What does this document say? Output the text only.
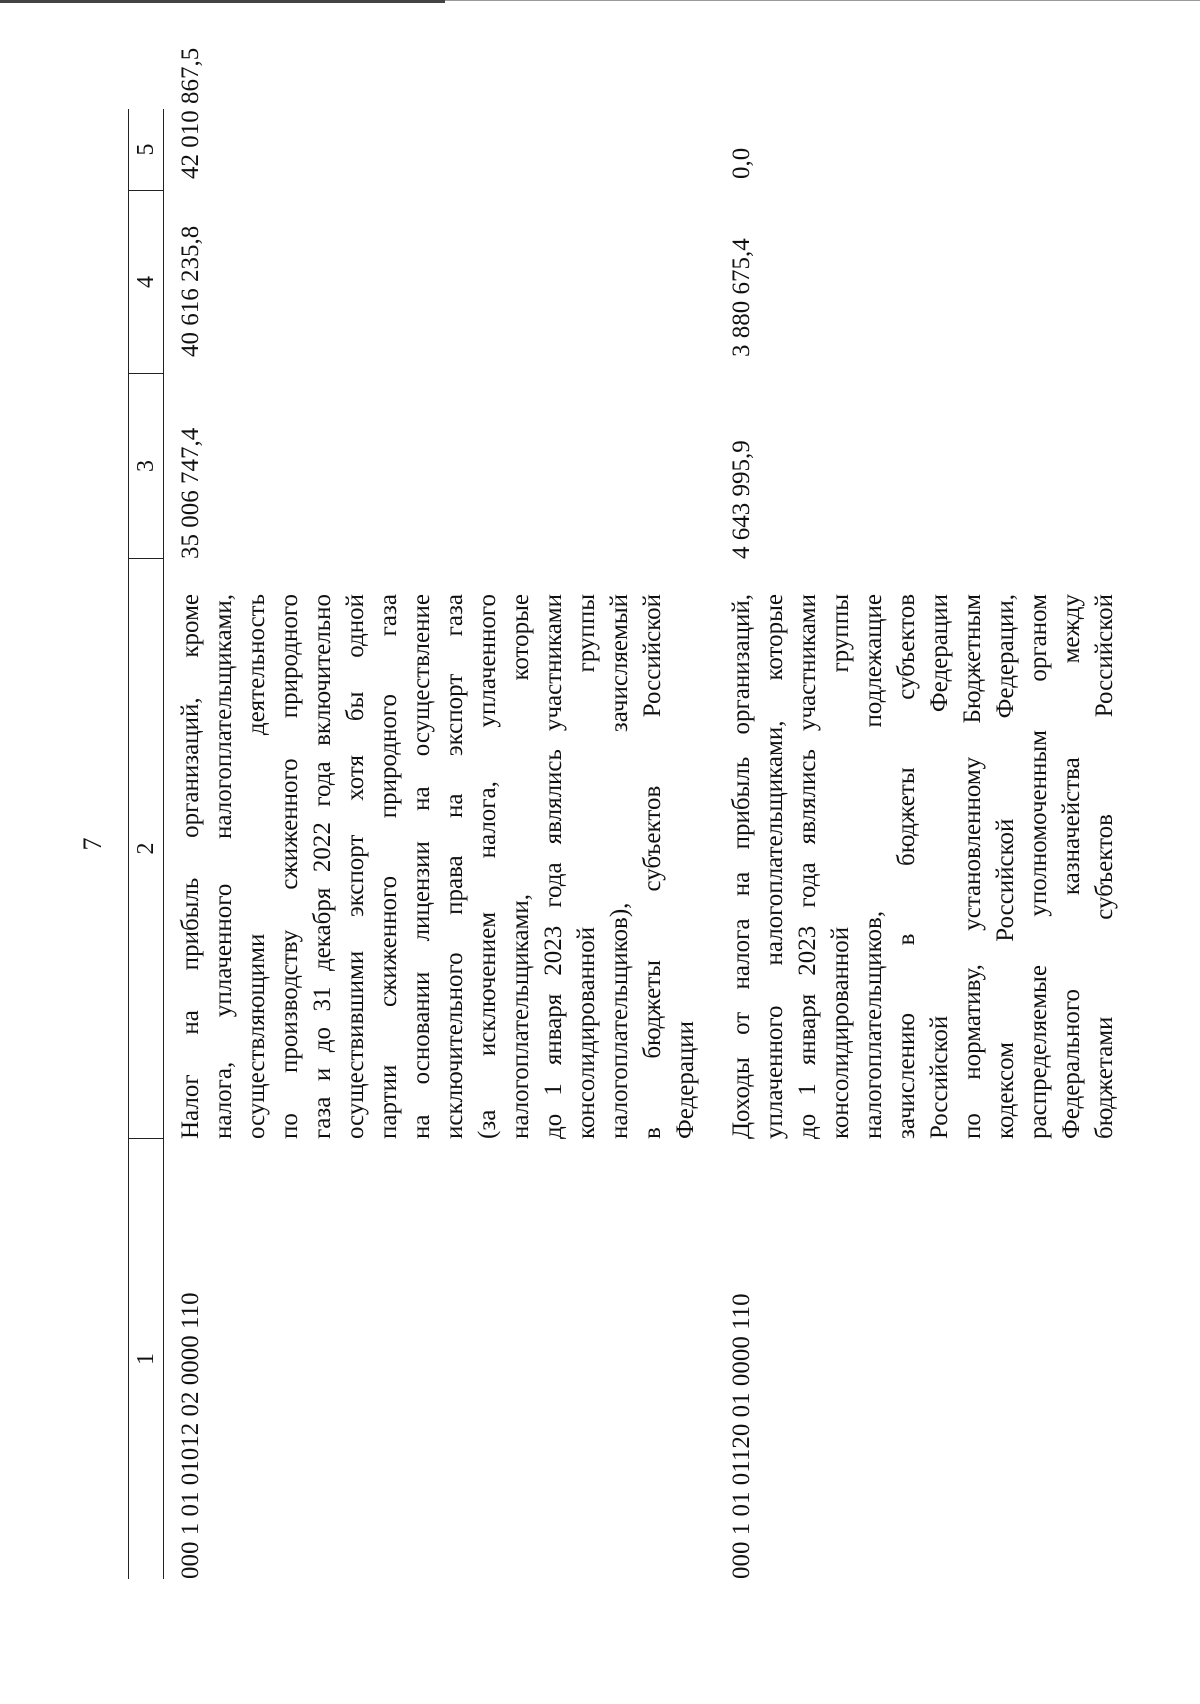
7
1
2
3
4
5
000 1 01 01012 02 0000 110
Налог на прибыль организаций, кроме налога, уплаченного налогоплательщиками, осуществляющими деятельность по производству сжиженного природного газа и до 31 декабря 2022 года включительно осуществившими экспорт хотя бы одной партии сжиженного природного газа на основании лицензии на осуществление исключительного права на экспорт газа (за исключением налога, уплаченного налогоплательщиками, которые до 1 января 2023 года являлись участниками консолидированной группы налогоплательщиков), зачисляемый в бюджеты субъектов Российской Федерации
35 006 747,4
40 616 235,8
42 010 867,5
000 1 01 01120 01 0000 110
Доходы от налога на прибыль организаций, уплаченного налогоплательщиками, которые до 1 января 2023 года являлись участниками консолидированной группы налогоплательщиков, подлежащие зачислению в бюджеты субъектов Российской Федерации по нормативу, установленному Бюджетным кодексом Российской Федерации, распределяемые уполномоченным органом Федерального казначейства между бюджетами субъектов Российской
4 643 995,9
3 880 675,4
0,0
